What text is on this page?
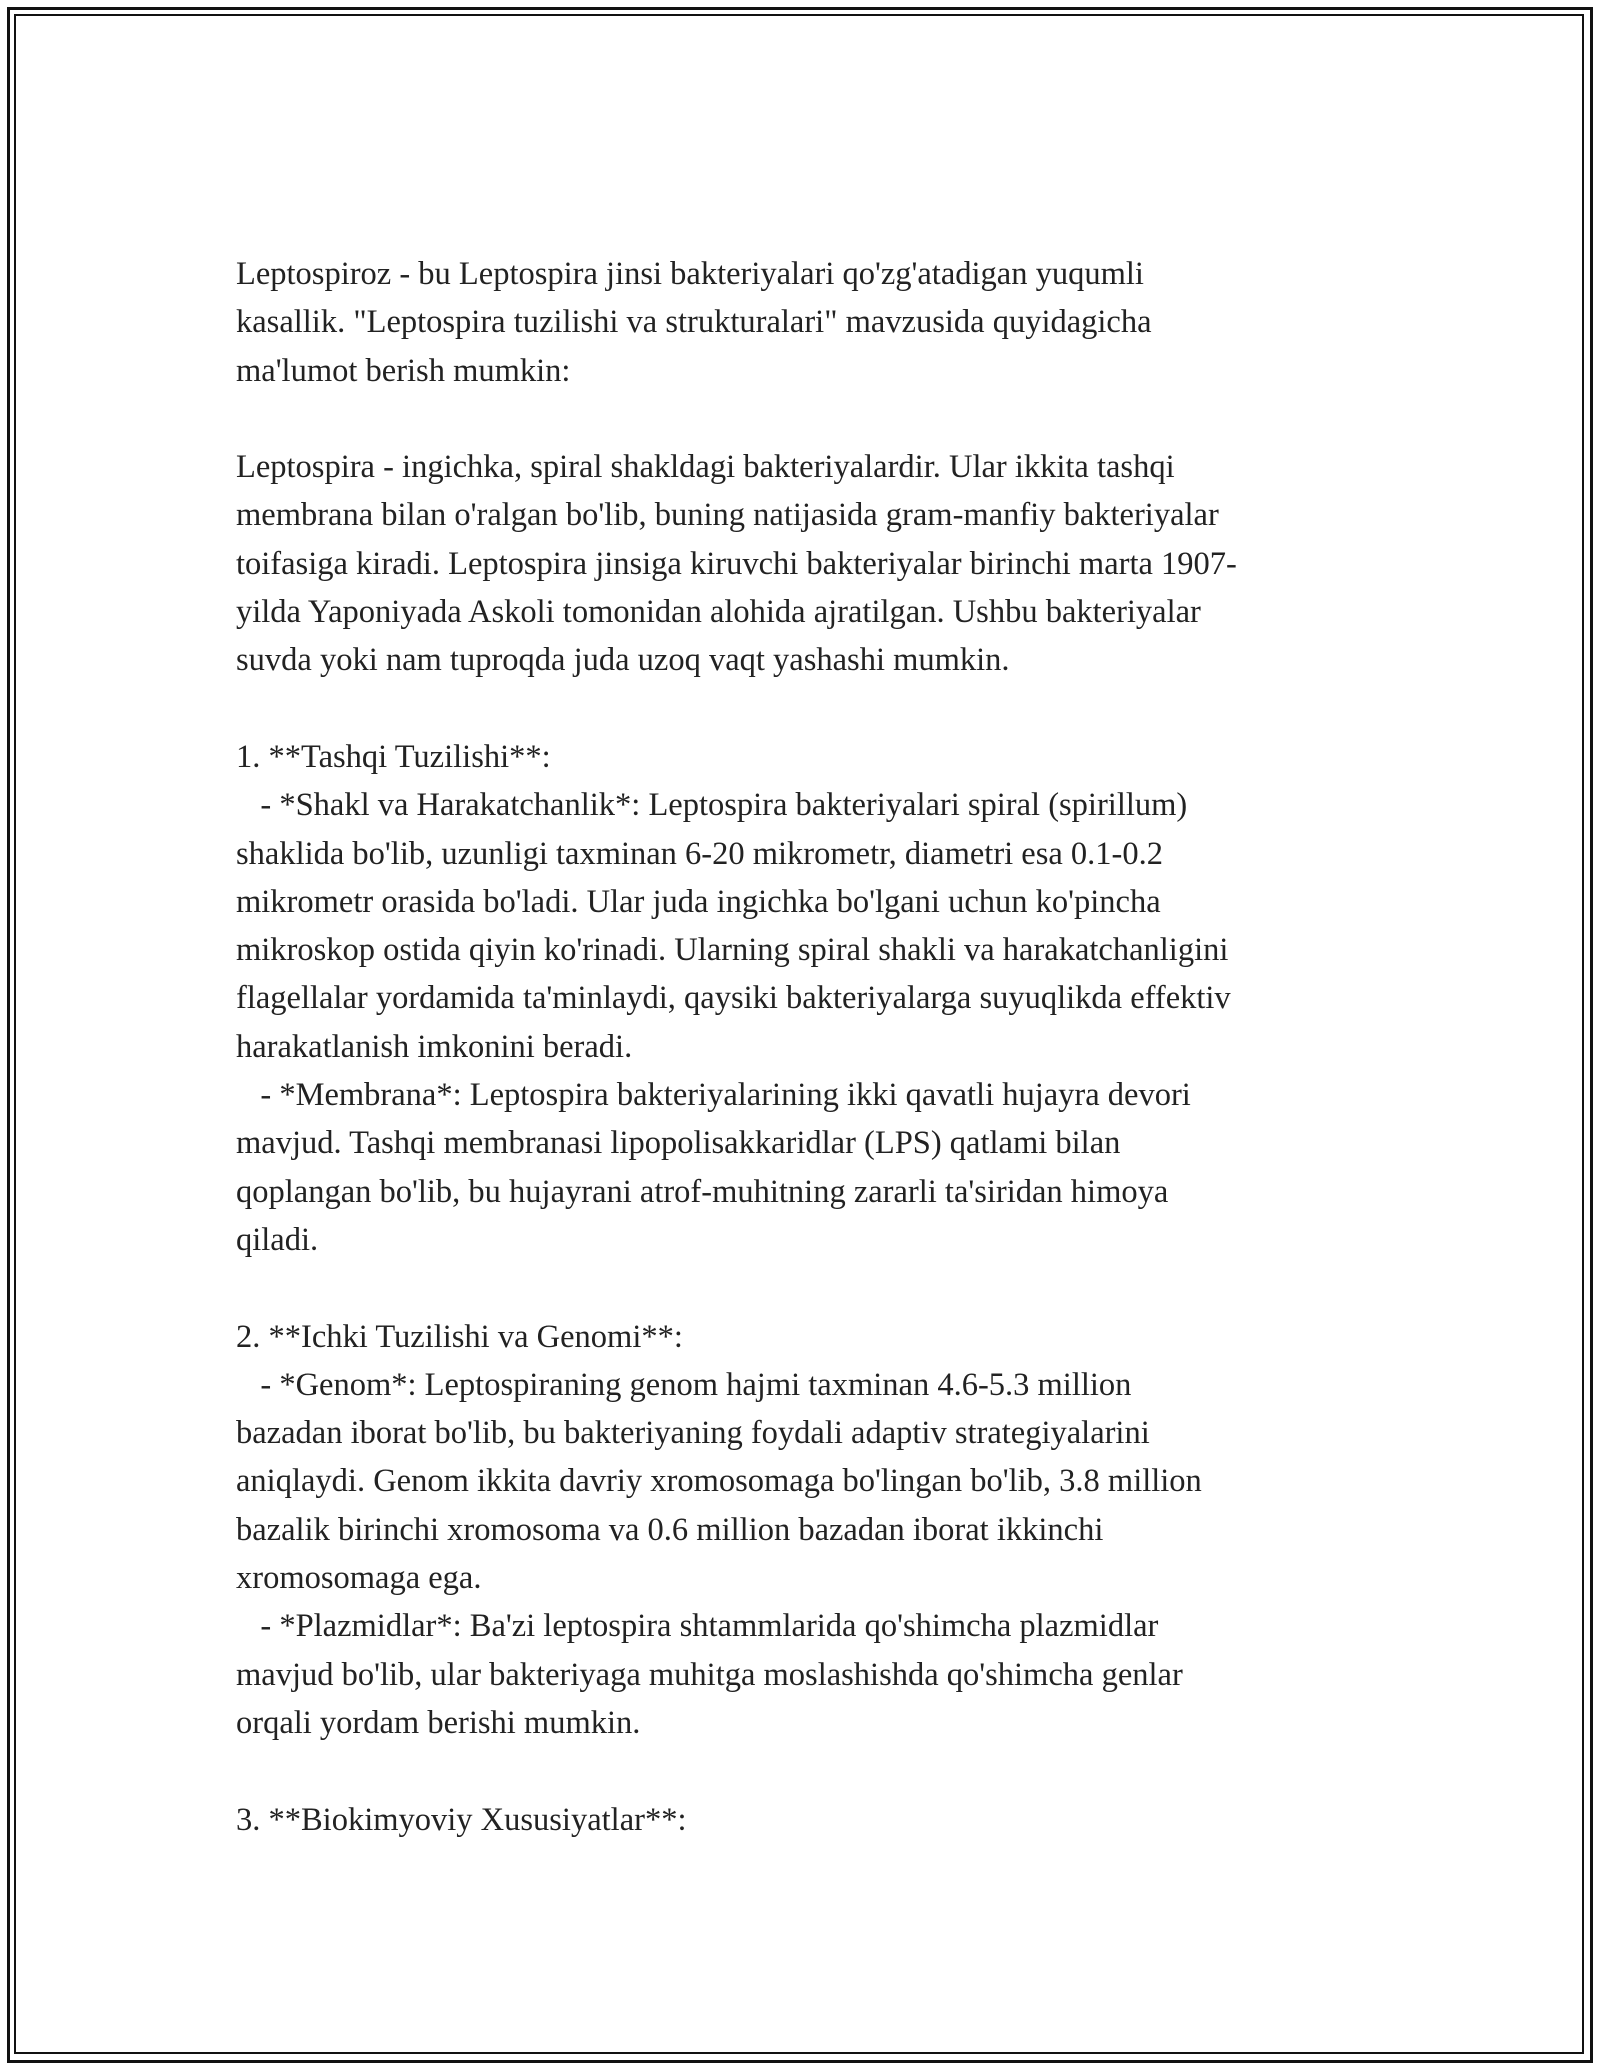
Leptospiroz - bu Leptospira jinsi bakteriyalari qo'zg'atadigan yuqumli
kasallik. "Leptospira tuzilishi va strukturalari" mavzusida quyidagicha
ma'lumot berish mumkin:
Leptospira - ingichka, spiral shakldagi bakteriyalardir. Ular ikkita tashqi
membrana bilan o'ralgan bo'lib, buning natijasida gram-manfiy bakteriyalar
toifasiga kiradi. Leptospira jinsiga kiruvchi bakteriyalar birinchi marta 1907-
yilda Yaponiyada Askoli tomonidan alohida ajratilgan. Ushbu bakteriyalar
suvda yoki nam tuproqda juda uzoq vaqt yashashi mumkin.
1. **Tashqi Tuzilishi**:
- *Shakl va Harakatchanlik*: Leptospira bakteriyalari spiral (spirillum)
shaklida bo'lib, uzunligi taxminan 6-20 mikrometr, diametri esa 0.1-0.2
mikrometr orasida bo'ladi. Ular juda ingichka bo'lgani uchun ko'pincha
mikroskop ostida qiyin ko'rinadi. Ularning spiral shakli va harakatchanligini
flagellalar yordamida ta'minlaydi, qaysiki bakteriyalarga suyuqlikda effektiv
harakatlanish imkonini beradi.
- *Membrana*: Leptospira bakteriyalarining ikki qavatli hujayra devori
mavjud. Tashqi membranasi lipopolisakkaridlar (LPS) qatlami bilan
qoplangan bo'lib, bu hujayrani atrof-muhitning zararli ta'siridan himoya
qiladi.
2. **Ichki Tuzilishi va Genomi**:
- *Genom*: Leptospiraning genom hajmi taxminan 4.6-5.3 million
bazadan iborat bo'lib, bu bakteriyaning foydali adaptiv strategiyalarini
aniqlaydi. Genom ikkita davriy xromosomaga bo'lingan bo'lib, 3.8 million
bazalik birinchi xromosoma va 0.6 million bazadan iborat ikkinchi
xromosomaga ega.
- *Plazmidlar*: Ba'zi leptospira shtammlarida qo'shimcha plazmidlar
mavjud bo'lib, ular bakteriyaga muhitga moslashishda qo'shimcha genlar
orqali yordam berishi mumkin.
3. **Biokimyoviy Xususiyatlar**:
